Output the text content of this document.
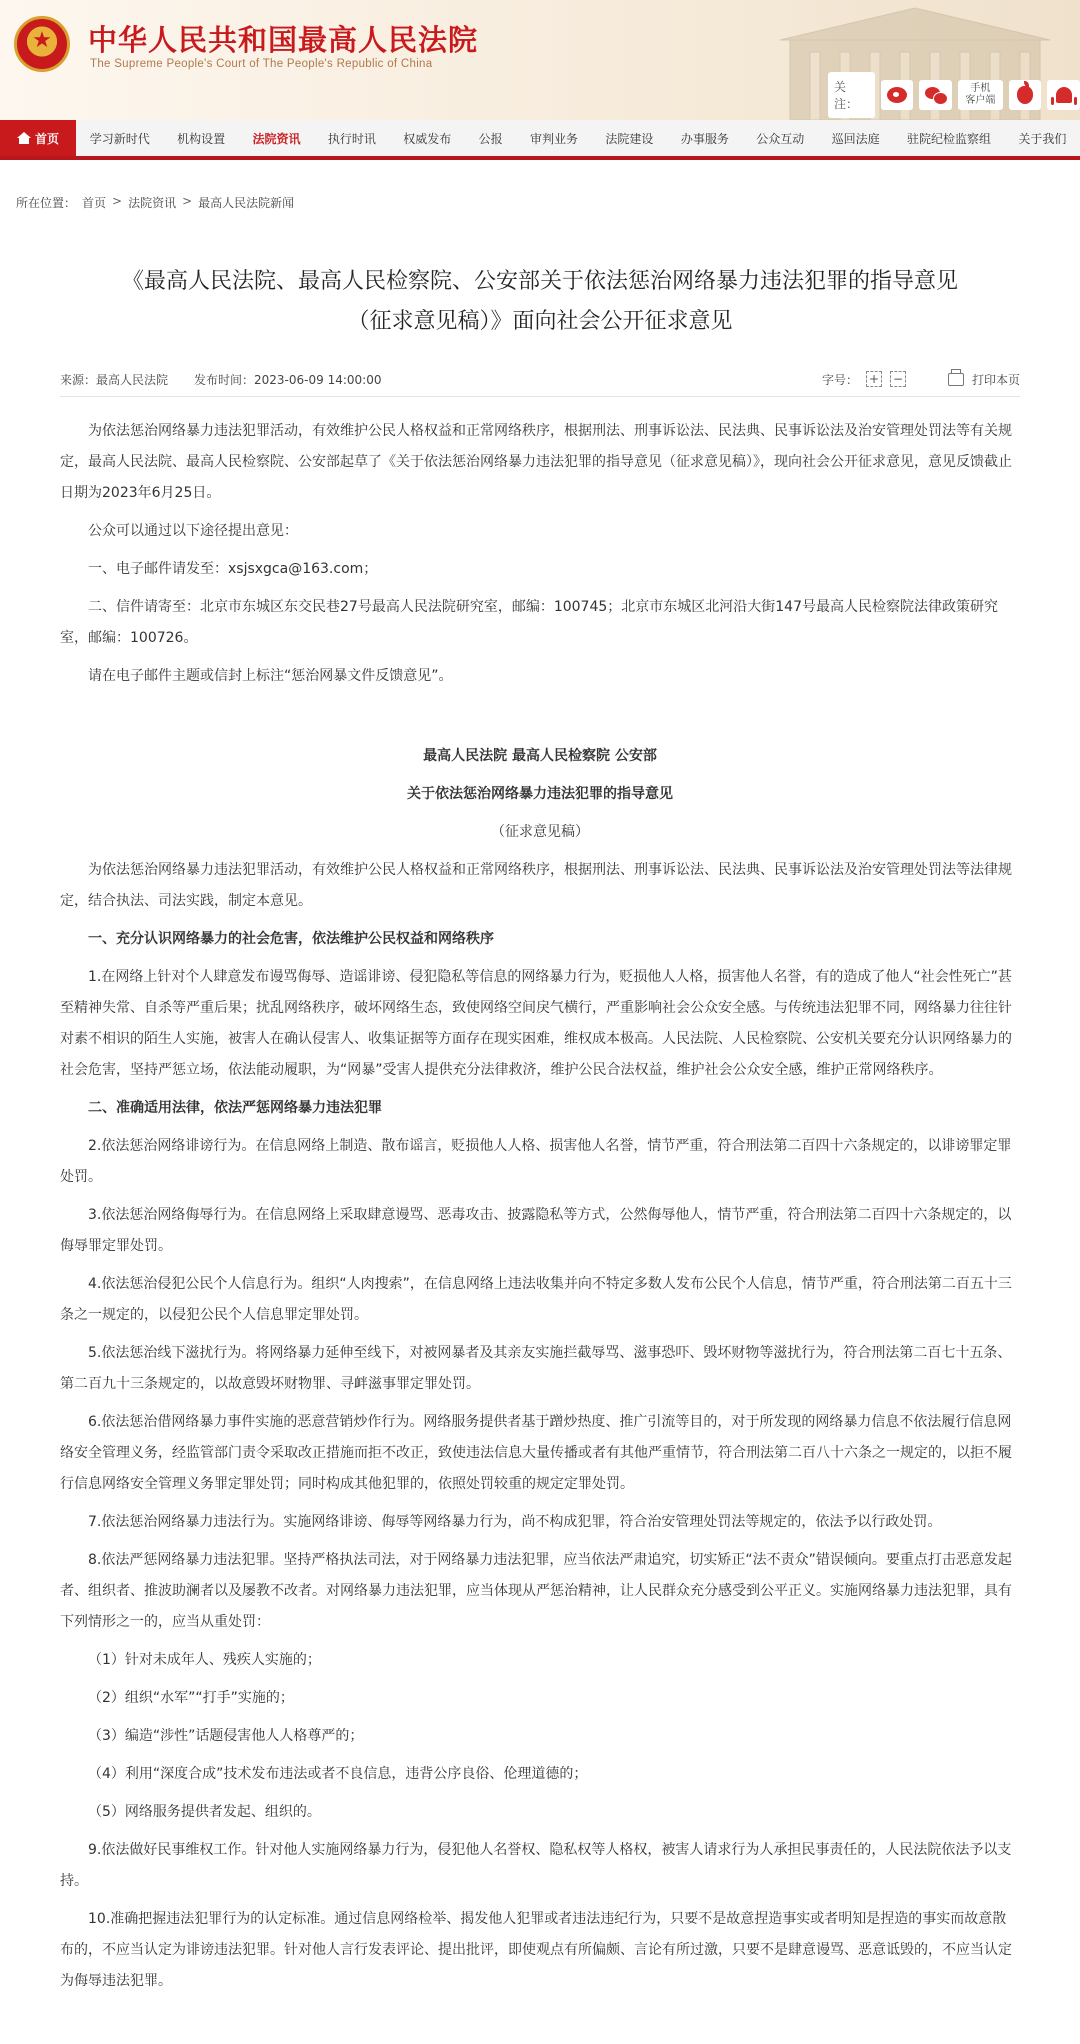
★ 中华人民共和国最高人民法院
The Supreme People's Court of The People's Republic of China
关注：
手机
客户端
首页	学习新时代	机构设置	法院资讯	执行时讯	权威发布	公报	审判业务	法院建设	办事服务	公众互动	巡回法庭	驻院纪检监察组	关于我们
所在位置： 首页 > 法院资讯 > 最高人民法院新闻
《最高人民法院、最高人民检察院、公安部关于依法惩治网络暴力违法犯罪的指导意见
（征求意见稿）》面向社会公开征求意见
来源：最高人民法院 发布时间：2023-06-09 14:00:00	字号： + −	打印本页

为依法惩治网络暴力违法犯罪活动，有效维护公民人格权益和正常网络秩序，根据刑法、刑事诉讼法、民法典、民事诉讼法及治安管理处罚法等有关规定，最高人民法院、最高人民检察院、公安部起草了《关于依法惩治网络暴力违法犯罪的指导意见（征求意见稿）》，现向社会公开征求意见，意见反馈截止日期为2023年6月25日。

公众可以通过以下途径提出意见：

一、电子邮件请发至：xsjsxgca@163.com；

二、信件请寄至：北京市东城区东交民巷27号最高人民法院研究室，邮编：100745；北京市东城区北河沿大街147号最高人民检察院法律政策研究室，邮编：100726。

请在电子邮件主题或信封上标注“惩治网暴文件反馈意见”。

最高人民法院 最高人民检察院 公安部

关于依法惩治网络暴力违法犯罪的指导意见

（征求意见稿）

为依法惩治网络暴力违法犯罪活动，有效维护公民人格权益和正常网络秩序，根据刑法、刑事诉讼法、民法典、民事诉讼法及治安管理处罚法等法律规定，结合执法、司法实践，制定本意见。

一、充分认识网络暴力的社会危害，依法维护公民权益和网络秩序

1.在网络上针对个人肆意发布谩骂侮辱、造谣诽谤、侵犯隐私等信息的网络暴力行为，贬损他人人格，损害他人名誉，有的造成了他人“社会性死亡”甚至精神失常、自杀等严重后果；扰乱网络秩序，破坏网络生态，致使网络空间戾气横行，严重影响社会公众安全感。与传统违法犯罪不同，网络暴力往往针对素不相识的陌生人实施，被害人在确认侵害人、收集证据等方面存在现实困难，维权成本极高。人民法院、人民检察院、公安机关要充分认识网络暴力的社会危害，坚持严惩立场，依法能动履职，为“网暴”受害人提供充分法律救济，维护公民合法权益，维护社会公众安全感，维护正常网络秩序。

二、准确适用法律，依法严惩网络暴力违法犯罪

2.依法惩治网络诽谤行为。在信息网络上制造、散布谣言，贬损他人人格、损害他人名誉，情节严重，符合刑法第二百四十六条规定的，以诽谤罪定罪处罚。

3.依法惩治网络侮辱行为。在信息网络上采取肆意谩骂、恶毒攻击、披露隐私等方式，公然侮辱他人，情节严重，符合刑法第二百四十六条规定的，以侮辱罪定罪处罚。

4.依法惩治侵犯公民个人信息行为。组织“人肉搜索”，在信息网络上违法收集并向不特定多数人发布公民个人信息，情节严重，符合刑法第二百五十三条之一规定的，以侵犯公民个人信息罪定罪处罚。

5.依法惩治线下滋扰行为。将网络暴力延伸至线下，对被网暴者及其亲友实施拦截辱骂、滋事恐吓、毁坏财物等滋扰行为，符合刑法第二百七十五条、第二百九十三条规定的，以故意毁坏财物罪、寻衅滋事罪定罪处罚。

6.依法惩治借网络暴力事件实施的恶意营销炒作行为。网络服务提供者基于蹭炒热度、推广引流等目的，对于所发现的网络暴力信息不依法履行信息网络安全管理义务，经监管部门责令采取改正措施而拒不改正，致使违法信息大量传播或者有其他严重情节，符合刑法第二百八十六条之一规定的，以拒不履行信息网络安全管理义务罪定罪处罚；同时构成其他犯罪的，依照处罚较重的规定定罪处罚。

7.依法惩治网络暴力违法行为。实施网络诽谤、侮辱等网络暴力行为，尚不构成犯罪，符合治安管理处罚法等规定的，依法予以行政处罚。

8.依法严惩网络暴力违法犯罪。坚持严格执法司法，对于网络暴力违法犯罪，应当依法严肃追究，切实矫正“法不责众”错误倾向。要重点打击恶意发起者、组织者、推波助澜者以及屡教不改者。对网络暴力违法犯罪，应当体现从严惩治精神，让人民群众充分感受到公平正义。实施网络暴力违法犯罪，具有下列情形之一的，应当从重处罚：

（1）针对未成年人、残疾人实施的；

（2）组织“水军”“打手”实施的；

（3）编造“涉性”话题侵害他人人格尊严的；

（4）利用“深度合成”技术发布违法或者不良信息，违背公序良俗、伦理道德的；

（5）网络服务提供者发起、组织的。

9.依法做好民事维权工作。针对他人实施网络暴力行为，侵犯他人名誉权、隐私权等人格权，被害人请求行为人承担民事责任的，人民法院依法予以支持。

10.准确把握违法犯罪行为的认定标准。通过信息网络检举、揭发他人犯罪或者违法违纪行为，只要不是故意捏造事实或者明知是捏造的事实而故意散布的，不应当认定为诽谤违法犯罪。针对他人言行发表评论、提出批评，即使观点有所偏颇、言论有所过激，只要不是肆意谩骂、恶意诋毁的，不应当认定为侮辱违法犯罪。
